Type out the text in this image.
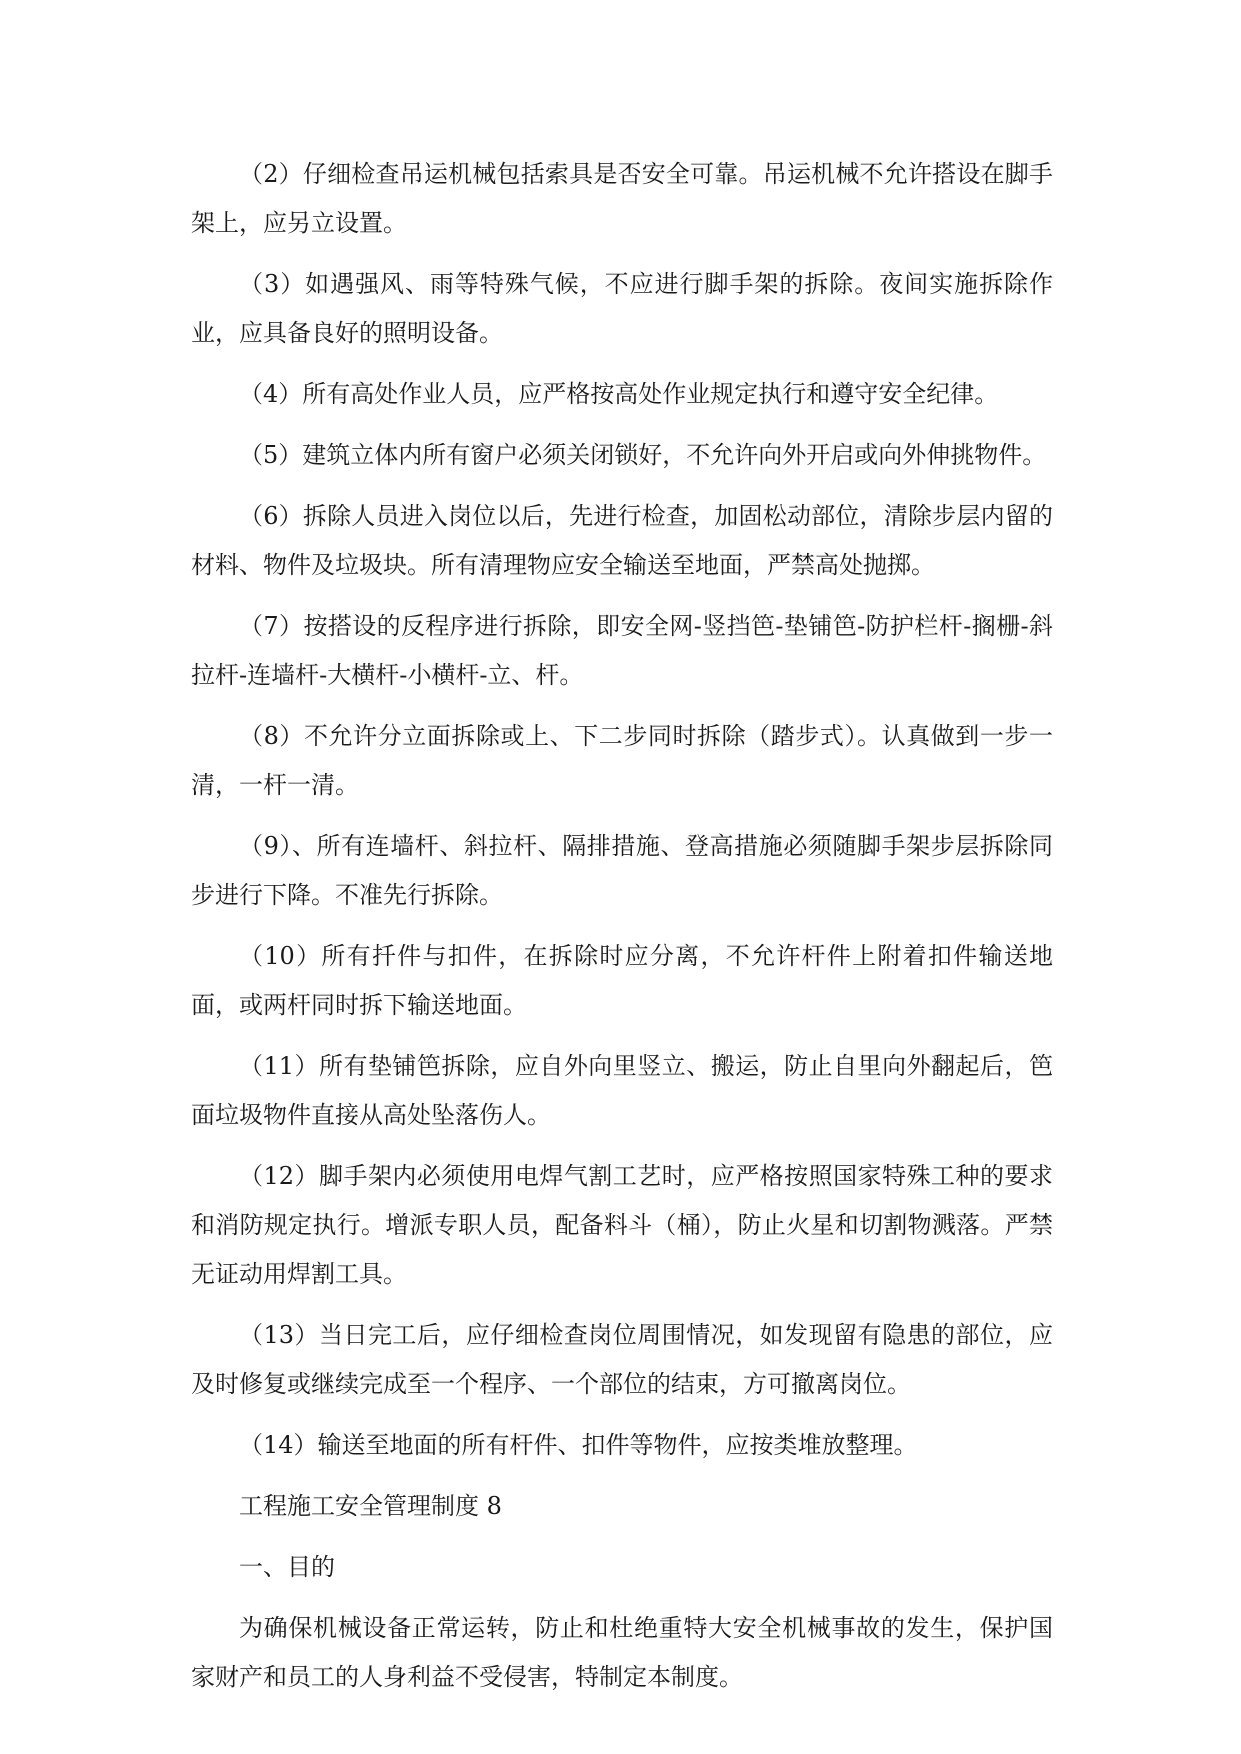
（2）仔细检查吊运机械包括索具是否安全可靠。吊运机械不允许搭设在脚手架上，应另立设置。

（3）如遇强风、雨等特殊气候，不应进行脚手架的拆除。夜间实施拆除作业，应具备良好的照明设备。

（4）所有高处作业人员，应严格按高处作业规定执行和遵守安全纪律。

（5）建筑立体内所有窗户必须关闭锁好，不允许向外开启或向外伸挑物件。

（6）拆除人员进入岗位以后，先进行检查，加固松动部位，清除步层内留的材料、物件及垃圾块。所有清理物应安全输送至地面，严禁高处抛掷。

（7）按搭设的反程序进行拆除，即安全网-竖挡笆-垫铺笆-防护栏杆-搁栅-斜拉杆-连墙杆-大横杆-小横杆-立、杆。

（8）不允许分立面拆除或上、下二步同时拆除（踏步式）。认真做到一步一清，一杆一清。

（9）、所有连墙杆、斜拉杆、隔排措施、登高措施必须随脚手架步层拆除同步进行下降。不准先行拆除。

（10）所有扦件与扣件，在拆除时应分离，不允许杆件上附着扣件输送地面，或两杆同时拆下输送地面。

（11）所有垫铺笆拆除，应自外向里竖立、搬运，防止自里向外翻起后，笆面垃圾物件直接从高处坠落伤人。

（12）脚手架内必须使用电焊气割工艺时，应严格按照国家特殊工种的要求和消防规定执行。增派专职人员，配备料斗（桶），防止火星和切割物溅落。严禁无证动用焊割工具。

（13）当日完工后，应仔细检查岗位周围情况，如发现留有隐患的部位，应及时修复或继续完成至一个程序、一个部位的结束，方可撤离岗位。

（14）输送至地面的所有杆件、扣件等物件，应按类堆放整理。

工程施工安全管理制度 8

一、目的

为确保机械设备正常运转，防止和杜绝重特大安全机械事故的发生，保护国家财产和员工的人身利益不受侵害，特制定本制度。
